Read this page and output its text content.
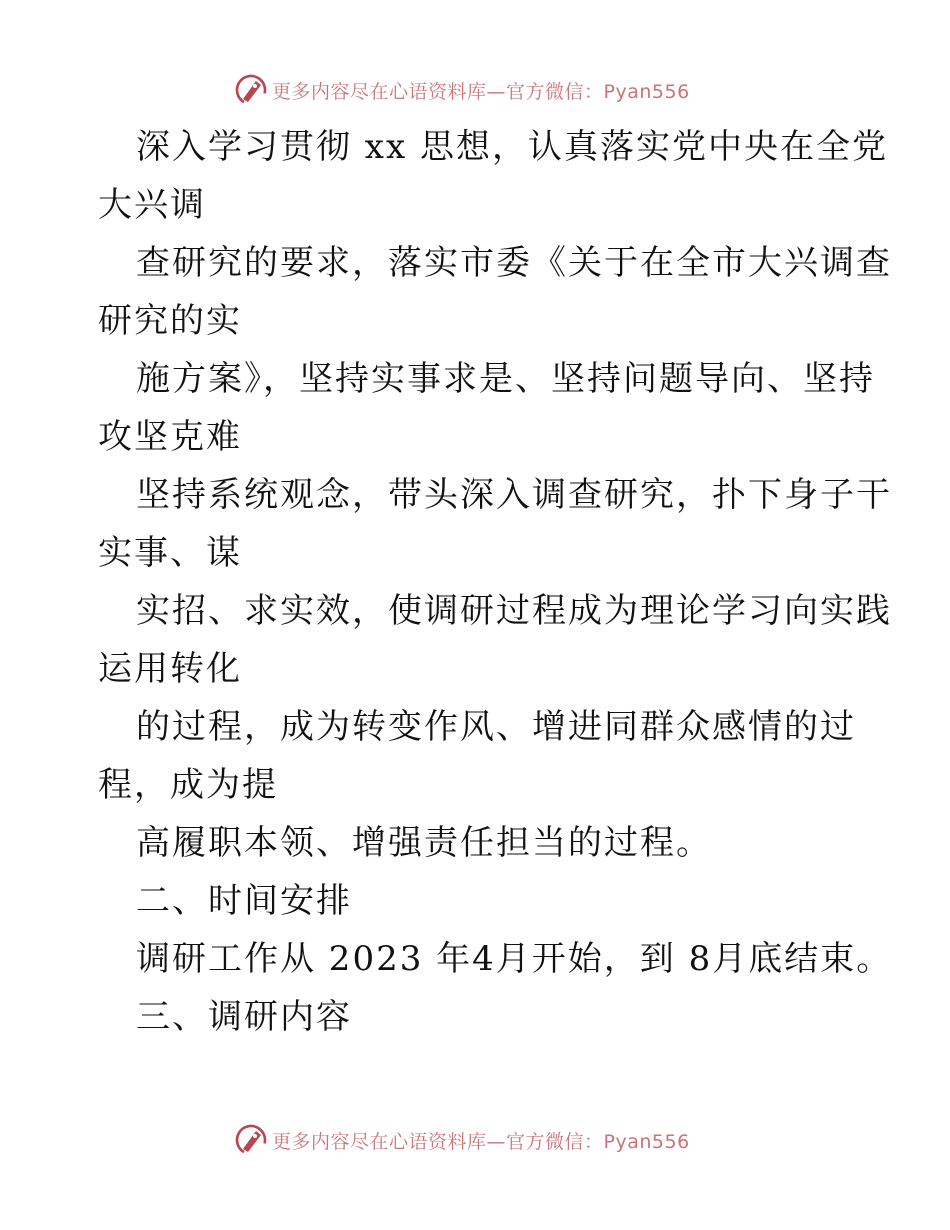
更多内容尽在心语资料库—官方微信：Pyan556
深入学习贯彻 xx 思想，认真落实党中央在全党
大兴调
查研究的要求，落实市委《关于在全市大兴调查
研究的实
施方案》，坚持实事求是、坚持问题导向、坚持
攻坚克难
坚持系统观念，带头深入调查研究，扑下身子干
实事、谋
实招、求实效，使调研过程成为理论学习向实践
运用转化
的过程，成为转变作风、增进同群众感情的过
程，成为提
高履职本领、增强责任担当的过程。
二、时间安排
调研工作从 2023 年4月开始，到 8月底结束。
三、调研内容
更多内容尽在心语资料库—官方微信：Pyan556
